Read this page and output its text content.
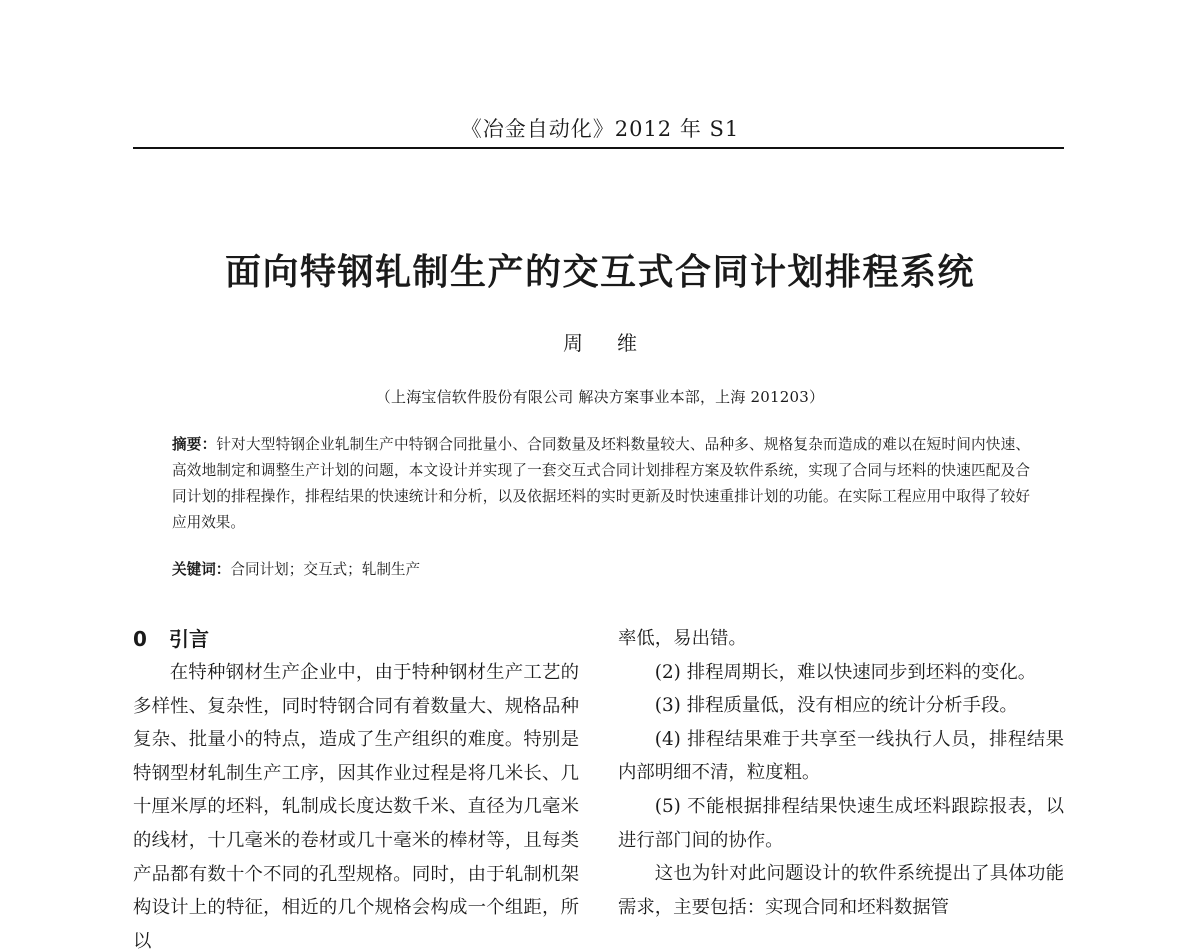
《冶金自动化》2012 年 S1
面向特钢轧制生产的交互式合同计划排程系统
周维
（上海宝信软件股份有限公司 解决方案事业本部，上海 201203）
摘要：针对大型特钢企业轧制生产中特钢合同批量小、合同数量及坯料数量较大、品种多、规格复杂而造成的难以在短时间内快速、高效地制定和调整生产计划的问题，本文设计并实现了一套交互式合同计划排程方案及软件系统，实现了合同与坯料的快速匹配及合同计划的排程操作，排程结果的快速统计和分析，以及依据坯料的实时更新及时快速重排计划的功能。在实际工程应用中取得了较好应用效果。
关键词：合同计划；交互式；轧制生产

0 引言

在特种钢材生产企业中，由于特种钢材生产工艺的多样性、复杂性，同时特钢合同有着数量大、规格品种复杂、批量小的特点，造成了生产组织的难度。特别是特钢型材轧制生产工序，因其作业过程是将几米长、几十厘米厚的坯料，轧制成长度达数千米、直径为几毫米的线材，十几毫米的卷材或几十毫米的棒材等，且每类产品都有数十个不同的孔型规格。同时，由于轧制机架构设计上的特征，相近的几个规格会构成一个组距，所以

率低，易出错。

(2) 排程周期长，难以快速同步到坯料的变化。

(3) 排程质量低，没有相应的统计分析手段。

(4) 排程结果难于共享至一线执行人员，排程结果内部明细不清，粒度粗。

(5) 不能根据排程结果快速生成坯料跟踪报表，以进行部门间的协作。

这也为针对此问题设计的软件系统提出了具体功能需求，主要包括：实现合同和坯料数据管
